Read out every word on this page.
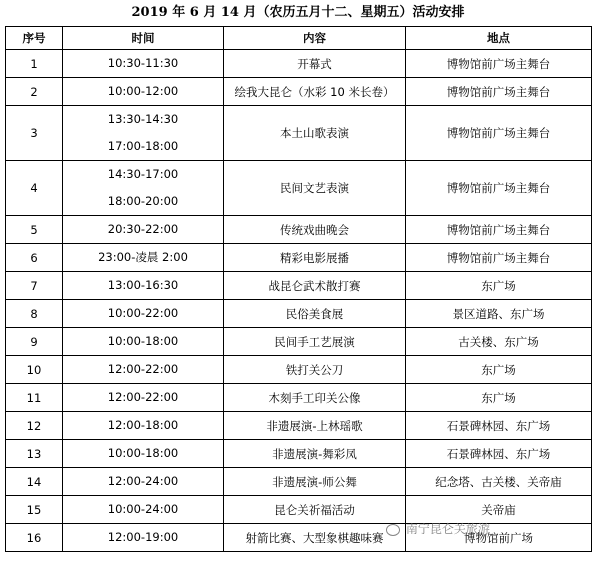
2019 年 6 月 14 月（农历五月十二、星期五）活动安排
序号	时间	内容	地点
1	10:30-11:30	开幕式	博物馆前广场主舞台
2	10:00-12:00	绘我大昆仑（水彩 10 米长卷）	博物馆前广场主舞台
3	13:30-14:30
17:00-18:00	本土山歌表演	博物馆前广场主舞台
4	14:30-17:00
18:00-20:00	民间文艺表演	博物馆前广场主舞台
5	20:30-22:00	传统戏曲晚会	博物馆前广场主舞台
6	23:00-凌晨 2:00	精彩电影展播	博物馆前广场主舞台
7	13:00-16:30	战昆仑武术散打赛	东广场
8	10:00-22:00	民俗美食展	景区道路、东广场
9	10:00-18:00	民间手工艺展演	古关楼、东广场
10	12:00-22:00	铁打关公刀	东广场
11	12:00-22:00	木刻手工印关公像	东广场
12	12:00-18:00	非遗展演-上林瑶歌	石景碑林园、东广场
13	10:00-18:00	非遗展演-舞彩凤	石景碑林园、东广场
14	12:00-24:00	非遗展演-师公舞	纪念塔、古关楼、关帝庙
15	10:00-24:00	昆仑关祈福活动	关帝庙
16	12:00-19:00	射箭比赛、大型象棋趣味赛	博物馆前广场
南宁昆仑关旅游
